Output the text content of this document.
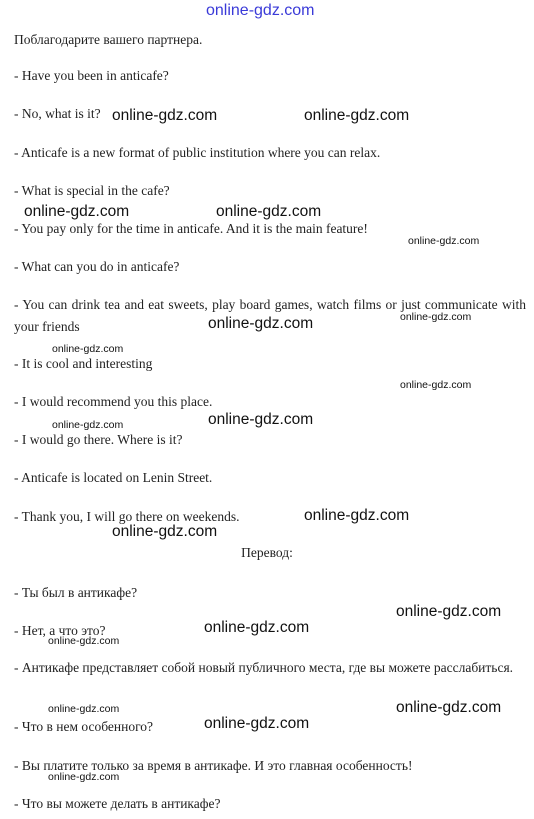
online-gdz.com
Поблагодарите вашего партнера.
- Have you been in anticafe?
- No, what is it?
- Anticafe is a new format of public institution where you can relax.
- What is special in the cafe?
- You pay only for the time in anticafe. And it is the main feature!
- What can you do in anticafe?
- You can drink tea and eat sweets, play board games, watch films or just communicate with your friends
- It is cool and interesting
- I would recommend you this place.
- I would go there. Where is it?
- Anticafe is located on Lenin Street.
- Thank you, I will go there on weekends.
Перевод:
- Ты был в антикафе?
- Нет, а что это?
- Антикафе представляет собой новый публичного места, где вы можете расслабиться.
- Что в нем особенного?
- Вы платите только за время в антикафе. И это главная особенность!
- Что вы можете делать в антикафе?
online-gdz.com	online-gdz.com
online-gdz.com	online-gdz.com
online-gdz.com
online-gdz.com
online-gdz.com
online-gdz.com
online-gdz.com
online-gdz.com
online-gdz.com
online-gdz.com
online-gdz.com
online-gdz.com
online-gdz.com
online-gdz.com
online-gdz.com
online-gdz.com
online-gdz.com
online-gdz.com
